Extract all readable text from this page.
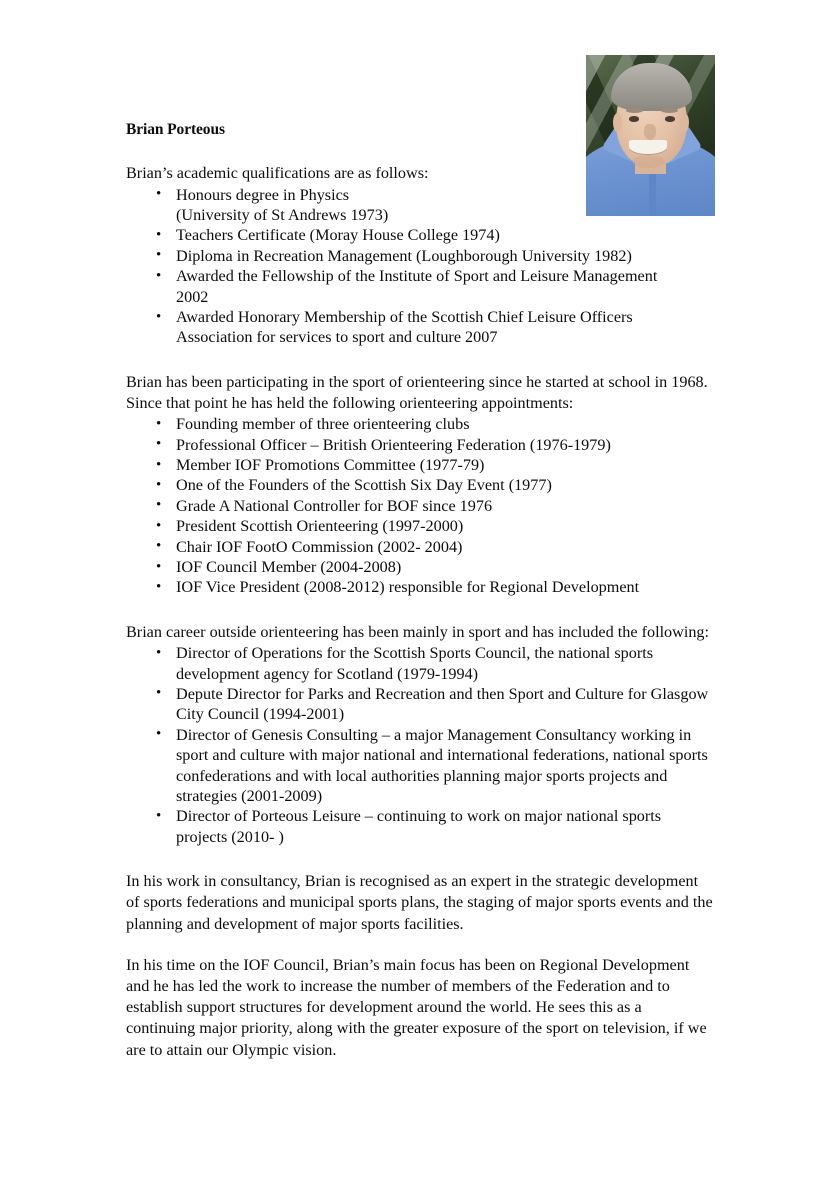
Brian Porteous

Brian’s academic qualifications are as follows:

• Honours degree in Physics
(University of St Andrews 1973)
• Teachers Certificate (Moray House College 1974)
• Diploma in Recreation Management (Loughborough University 1982)
• Awarded the Fellowship of the Institute of Sport and Leisure Management
2002
• Awarded Honorary Membership of the Scottish Chief Leisure Officers
Association for services to sport and culture 2007

Brian has been participating in the sport of orienteering since he started at school in 1968. Since that point he has held the following orienteering appointments:

• Founding member of three orienteering clubs
• Professional Officer – British Orienteering Federation (1976-1979)
• Member IOF Promotions Committee (1977-79)
• One of the Founders of the Scottish Six Day Event (1977)
• Grade A National Controller for BOF since 1976
• President Scottish Orienteering (1997-2000)
• Chair IOF FootO Commission (2002- 2004)
• IOF Council Member (2004-2008)
• IOF Vice President (2008-2012) responsible for Regional Development

Brian career outside orienteering has been mainly in sport and has included the following:

• Director of Operations for the Scottish Sports Council, the national sports development agency for Scotland (1979-1994)
• Depute Director for Parks and Recreation and then Sport and Culture for Glasgow City Council (1994-2001)
• Director of Genesis Consulting – a major Management Consultancy working in sport and culture with major national and international federations, national sports confederations and with local authorities planning major sports projects and strategies (2001-2009)
• Director of Porteous Leisure – continuing to work on major national sports projects (2010- )

In his work in consultancy, Brian is recognised as an expert in the strategic development of sports federations and municipal sports plans, the staging of major sports events and the planning and development of major sports facilities.

In his time on the IOF Council, Brian’s main focus has been on Regional Development and he has led the work to increase the number of members of the Federation and to establish support structures for development around the world. He sees this as a continuing major priority, along with the greater exposure of the sport on television, if we are to attain our Olympic vision.
